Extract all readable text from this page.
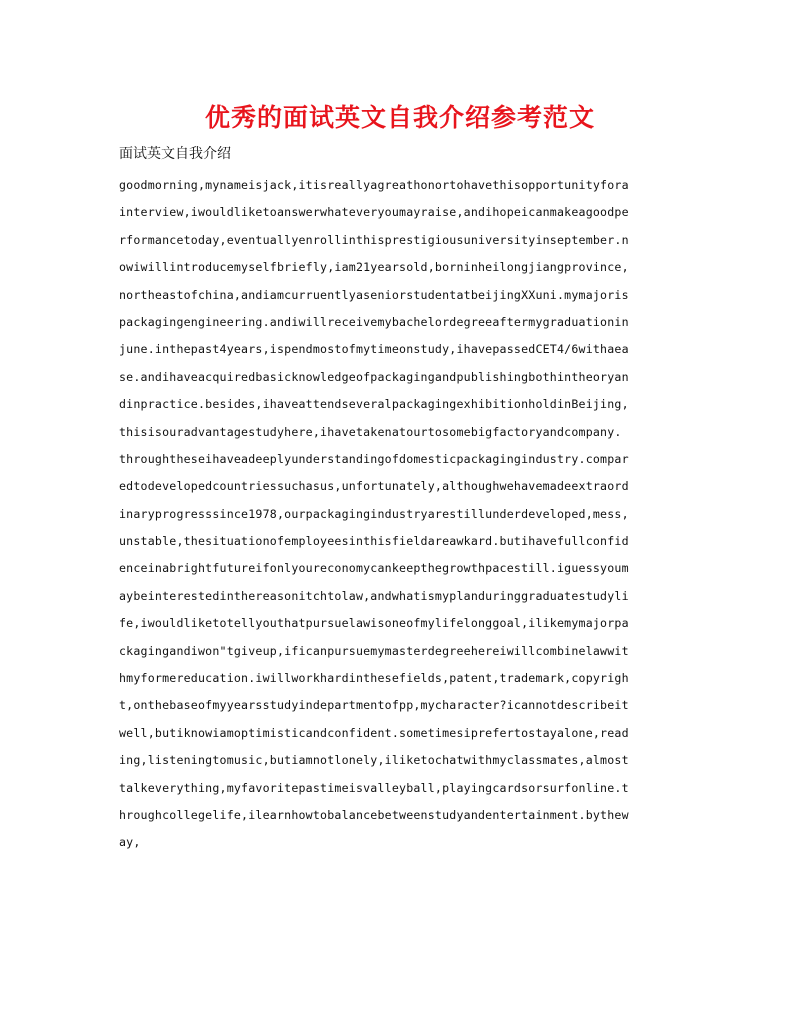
优秀的面试英文自我介绍参考范文

面试英文自我介绍

goodmorning,mynameisjack,itisreallyagreathonortohavethisopportunityfora
interview,iwouldliketoanswerwhateveryoumayraise,andihopeicanmakeagoodpe
rformancetoday,eventuallyenrollinthisprestigiousuniversityinseptember.n
owiwillintroducemyselfbriefly,iam21yearsold,borninheilongjiangprovince,
northeastofchina,andiamcurruentlyaseniorstudentatbeijingXXuni.mymajoris
packagingengineering.andiwillreceivemybachelordegreeaftermygraduationin
june.inthepast4years,ispendmostofmytimeonstudy,ihavepassedCET4/6withaea
se.andihaveacquiredbasicknowledgeofpackagingandpublishingbothintheoryan
dinpractice.besides,ihaveattendseveralpackagingexhibitionholdinBeijing,
thisisouradvantagestudyhere,ihavetakenatourtosomebigfactoryandcompany.
throughtheseihaveadeeplyunderstandingofdomesticpackagingindustry.compar
edtodevelopedcountriessuchasus,unfortunately,althoughwehavemadeextraord
inaryprogresssince1978,ourpackagingindustryarestillunderdeveloped,mess,
unstable,thesituationofemployeesinthisfieldareawkard.butihavefullconfid
enceinabrightfutureifonlyoureconomycankeepthegrowthpacestill.iguessyoum
aybeinterestedinthereasonitchtolaw,andwhatismyplanduringgraduatestudyli
fe,iwouldliketotellyouthatpursuelawisoneofmylifelonggoal,ilikemymajorpa
ckagingandiwon"tgiveup,ificanpursuemymasterdegreehereiwillcombinelawwit
hmyformereducation.iwillworkhardinthesefields,patent,trademark,copyrigh
t,onthebaseofmyyearsstudyindepartmentofpp,mycharacter?icannotdescribeit
well,butiknowiamoptimisticandconfident.sometimesiprefertostayalone,read
ing,listeningtomusic,butiamnotlonely,iliketochatwithmyclassmates,almost
talkeverything,myfavoritepastimeisvalleyball,playingcardsorsurfonline.t
hroughcollegelife,ilearnhowtobalancebetweenstudyandentertainment.bythew
ay,
